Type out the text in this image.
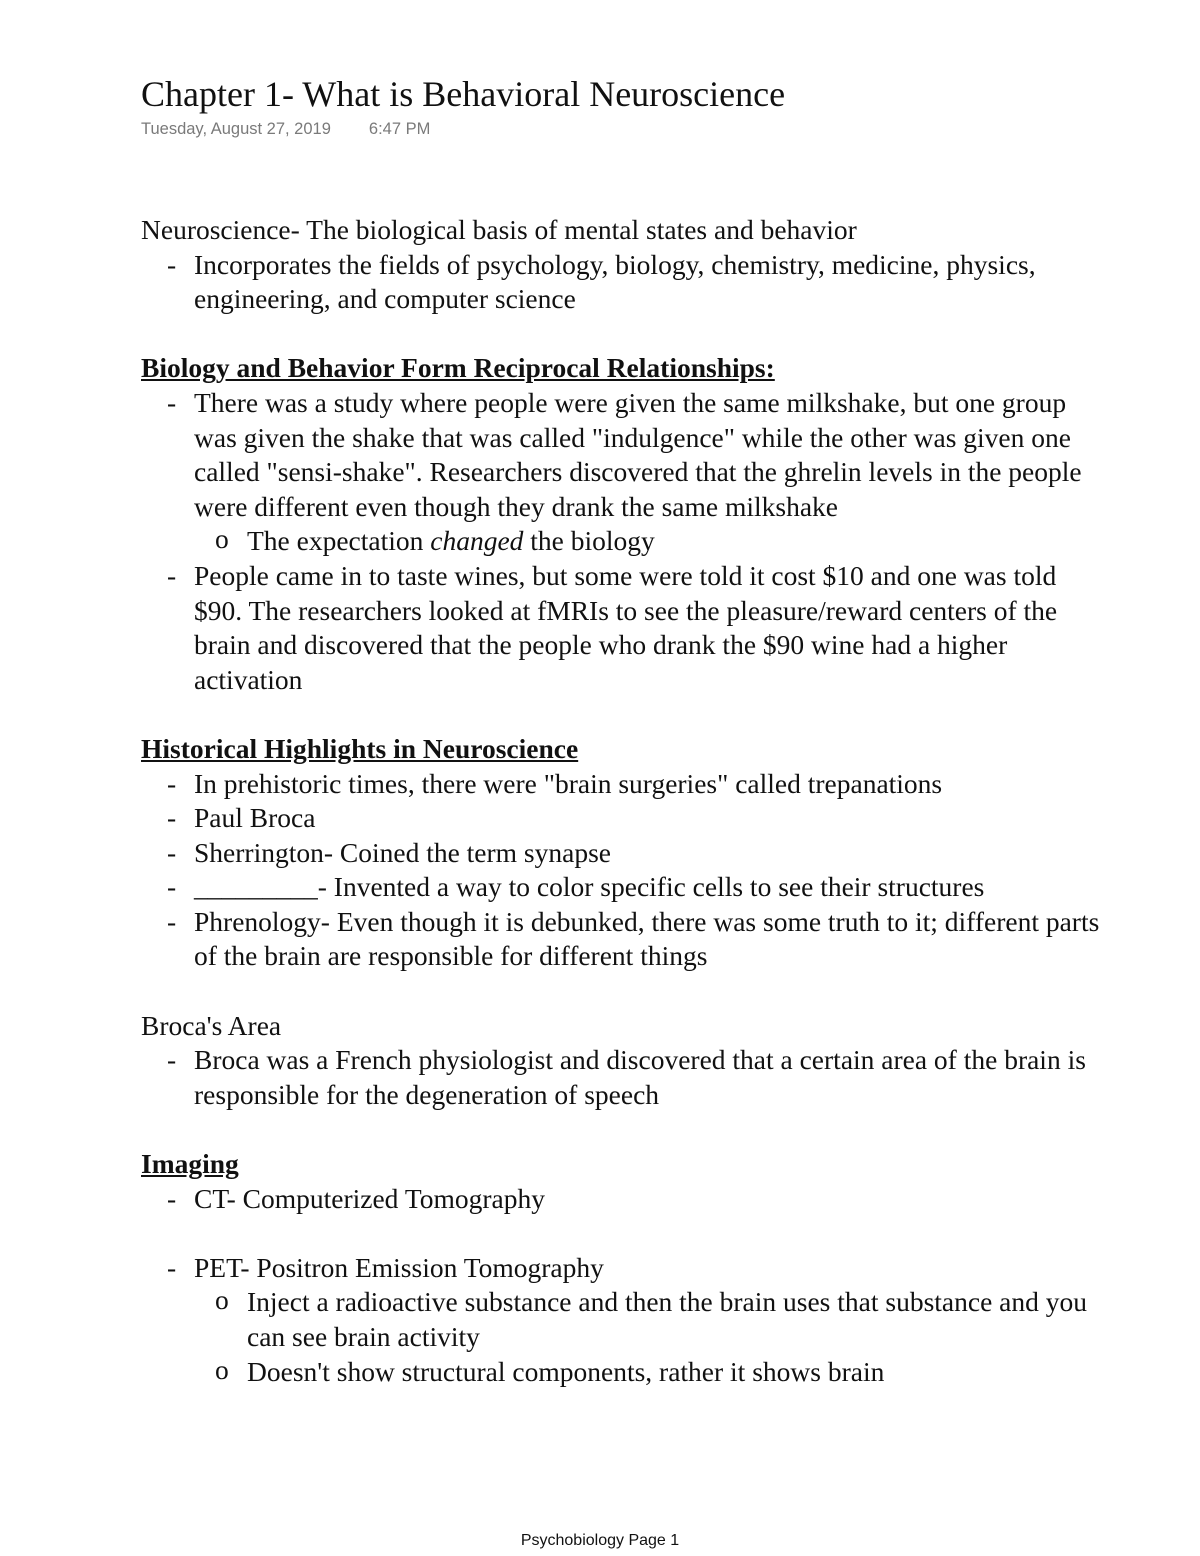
Chapter 1- What is Behavioral Neuroscience
Tuesday, August 27, 2019 6:47 PM

Neuroscience- The biological basis of mental states and behavior

- Incorporates the fields of psychology, biology, chemistry, medicine, physics, engineering, and computer science

Biology and Behavior Form Reciprocal Relationships:

- There was a study where people were given the same milkshake, but one group was given the shake that was called "indulgence" while the other was given one called "sensi-shake". Researchers discovered that the ghrelin levels in the people were different even though they drank the same milkshake
o The expectation changed the biology
- People came in to taste wines, but some were told it cost $10 and one was told $90. The researchers looked at fMRIs to see the pleasure/reward centers of the brain and discovered that the people who drank the $90 wine had a higher activation

Historical Highlights in Neuroscience

- In prehistoric times, there were "brain surgeries" called trepanations
- Paul Broca
- Sherrington- Coined the term synapse
- _________- Invented a way to color specific cells to see their structures
- Phrenology- Even though it is debunked, there was some truth to it; different parts of the brain are responsible for different things

Broca's Area

- Broca was a French physiologist and discovered that a certain area of the brain is responsible for the degeneration of speech

Imaging

- CT- Computerized Tomography
- PET- Positron Emission Tomography
o Inject a radioactive substance and then the brain uses that substance and you can see brain activity
o Doesn't show structural components, rather it shows brain
Psychobiology Page 1
